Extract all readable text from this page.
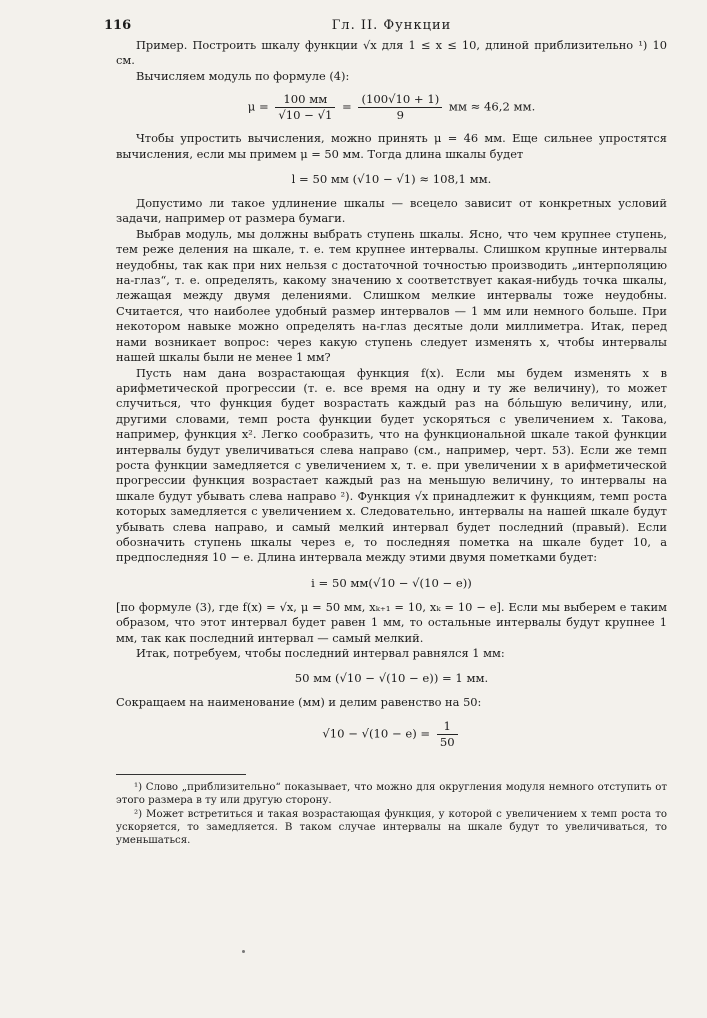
116	Гл. II. Функции

Пример. Построить шкалу функции √x для 1 ≤ x ≤ 10, длиной приблизительно ¹) 10 см.

Вычисляем модуль по формуле (4):

$\mu = \frac{100 мм}{√10 - √1} = \frac{(100√10 + 1)}{9}$ мм ≈ 46,2 мм.

Чтобы упростить вычисления, можно принять μ = 46 мм. Еще сильнее упростятся вычисления, если мы примем μ = 50 мм. Тогда длина шкалы будет

l = 50 мм (√10 − √1) ≈ 108,1 мм.

Допустимо ли такое удлинение шкалы — всецело зависит от конкретных условий задачи, например от размера бумаги.

Выбрав модуль, мы должны выбрать ступень шкалы. Ясно, что чем крупнее ступень, тем реже деления на шкале, т. е. тем крупнее интервалы. Слишком крупные интервалы неудобны, так как при них нельзя с достаточной точностью производить „интерполяцию на-глаз“, т. е. определять, какому значению x соответствует какая-нибудь точка шкалы, лежащая между двумя делениями. Слишком мелкие интервалы тоже неудобны. Считается, что наиболее удобный размер интервалов — 1 мм или немного больше. При некотором навыке можно определять на-глаз десятые доли миллиметра. Итак, перед нами возникает вопрос: через какую ступень следует изменять x, чтобы интервалы нашей шкалы были не менее 1 мм?

Пусть нам дана возрастающая функция f(x). Если мы будем изменять x в арифметической прогрессии (т. е. все время на одну и ту же величину), то может случиться, что функция будет возрастать каждый раз на бо́льшую величину, или, другими словами, темп роста функции будет ускоряться с увеличением x. Такова, например, функция x². Легко сообразить, что на функциональной шкале такой функции интервалы будут увеличиваться слева направо (см., например, черт. 53). Если же темп роста функции замедляется с увеличением x, т. е. при увеличении x в арифметической прогрессии функция возрастает каждый раз на меньшую величину, то интервалы на шкале будут убывать слева направо ²). Функция √x принадлежит к функциям, темп роста которых замедляется с увеличением x. Следовательно, интервалы на нашей шкале будут убывать слева направо, и самый мелкий интервал будет последний (правый). Если обозначить ступень шкалы через e, то последняя пометка на шкале будет 10, а предпоследняя 10 − e. Длина интервала между этими двумя пометками будет:

i = 50 мм(√10 − √(10 − e))

[по формуле (3), где f(x) = √x, μ = 50 мм, xₖ₊₁ = 10, xₖ = 10 − e]. Если мы выберем e таким образом, что этот интервал будет равен 1 мм, то остальные интервалы будут крупнее 1 мм, так как последний интервал — самый мелкий.

Итак, потребуем, чтобы последний интервал равнялся 1 мм:

50 мм (√10 − √(10 − e)) = 1 мм.

Сокращаем на наименование (мм) и делим равенство на 50:

$√10 - √(10 - e) = \frac{1}{50}$

¹) Слово „приблизительно“ показывает, что можно для округления модуля немного отступить от этого размера в ту или другую сторону.

²) Может встретиться и такая возрастающая функция, у которой с увеличением x темп роста то ускоряется, то замедляется. В таком случае интервалы на шкале будут то увеличиваться, то уменьшаться.
